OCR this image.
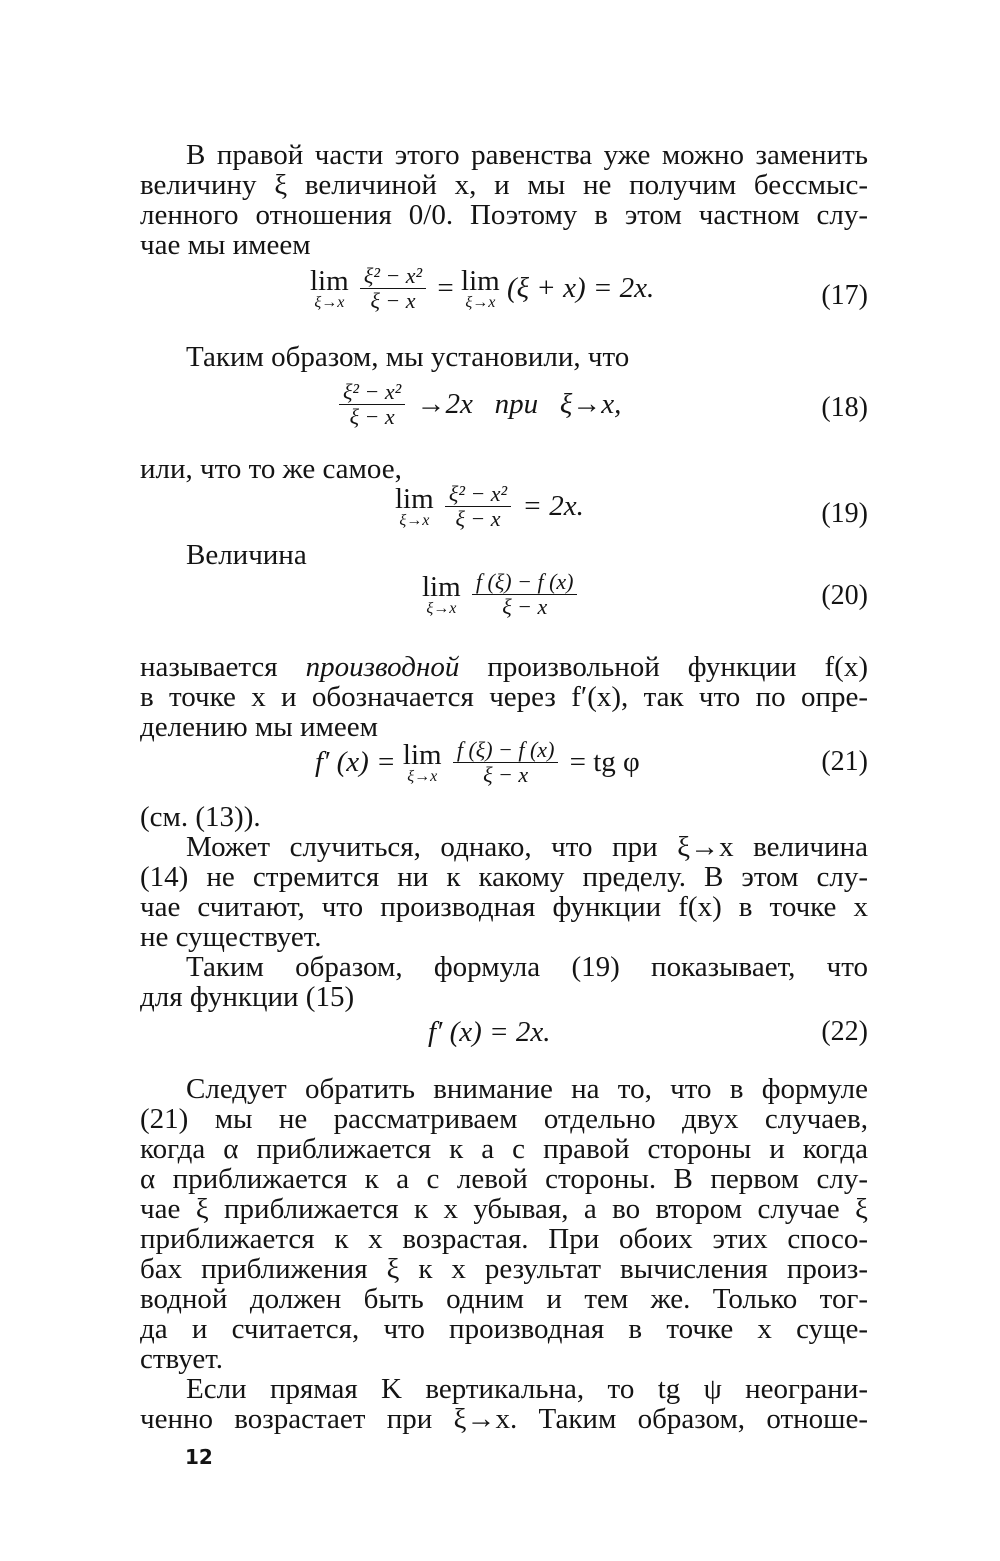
В правой части этого равенства уже можно заменить
величину ξ величиной x, и мы не получим бессмыс-
ленного отношения 0/0. Поэтому в этом частном слу-
чае мы имеем
lim
ξ→x
$\frac{\text{ξ² − x²}}{\xi - x} = \lim$
ξ→x (ξ + x) = 2x.	(17)
Таким образом, мы установили, что
$\frac{\text{ξ² − x²}}{\xi - x} \to 2x$   при   ξ→x,	(18)
или, что то же самое,
lim
ξ→x
$\frac{\text{ξ² − x²}}{\xi - x} = 2x$.	(19)
Величина
lim
ξ→x
$\frac{f (\xi) - f (x)}{\xi - x}$	(20)
называется производной произвольной функции f(x)
в точке x и обозначается через f′(x), так что по опре-
делению мы имеем
f′ (x) = lim
ξ→x
$\frac{f (\xi) - f (x)}{\xi - x}$ = tg φ	(21)
(см. (13)).
Может случиться, однако, что при ξ→x величина
(14) не стремится ни к какому пределу. В этом слу-
чае считают, что производная функции f(x) в точке x
не существует.
Таким образом, формула (19) показывает, что
для функции (15)
f′ (x) = 2x.	(22)
Следует обратить внимание на то, что в формуле
(21) мы не рассматриваем отдельно двух случаев,
когда α приближается к a с правой стороны и когда
α приближается к a с левой стороны. В первом слу-
чае ξ приближается к x убывая, а во втором случае ξ
приближается к x возрастая. При обоих этих спосо-
бах приближения ξ к x результат вычисления произ-
водной должен быть одним и тем же. Только тог-
да и считается, что производная в точке x суще-
ствует.
Если прямая K вертикальна, то tg ψ неограни-
ченно возрастает при ξ→x. Таким образом, отноше-
12
